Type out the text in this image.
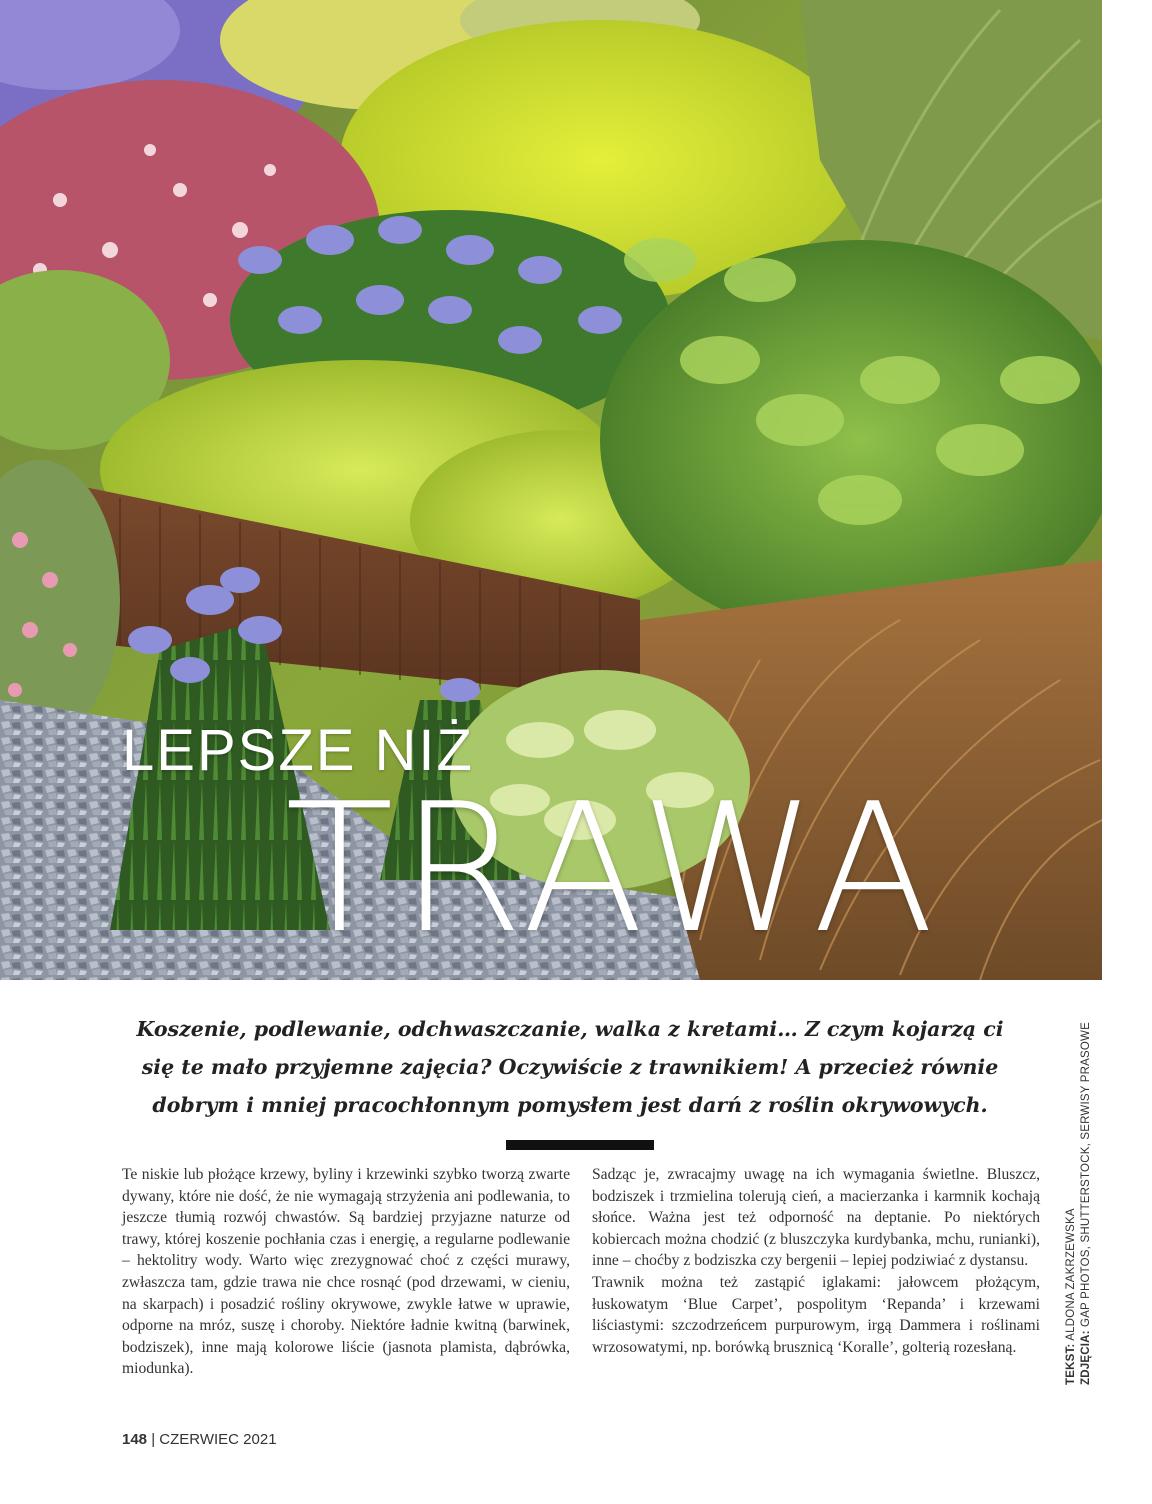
LEPSZE NIŻ
TRAWA
Koszenie, podlewanie, odchwaszczanie, walka z kretami… Z czym kojarzą ci się te mało przyjemne zajęcia? Oczywiście z trawnikiem! A przecież równie dobrym i mniej pracochłonnym pomysłem jest darń z roślin okrywowych.

Te niskie lub płożące krzewy, byliny i krzewinki szybko tworzą zwarte dywany, które nie dość, że nie wymagają strzyżenia ani podlewania, to jeszcze tłumią rozwój chwastów. Są bardziej przyjazne naturze od trawy, której koszenie pochłania czas i energię, a regularne podlewanie – hektolitry wody. Warto więc zrezygnować choć z części murawy, zwłaszcza tam, gdzie trawa nie chce rosnąć (pod drzewami, w cieniu, na skarpach) i posadzić rośliny okrywowe, zwykle łatwe w uprawie, odporne na mróz, suszę i choroby. Niektóre ładnie kwitną (barwinek, bodziszek), inne mają kolorowe liście (jasnota plamista, dąbrówka, miodunka).

Sadząc je, zwracajmy uwagę na ich wymagania świetlne. Bluszcz, bodziszek i trzmielina tolerują cień, a macierzanka i karmnik kochają słońce. Ważna jest też odporność na deptanie. Po niektórych kobiercach można chodzić (z bluszczyka kurdybanka, mchu, runianki), inne – choćby z bodziszka czy bergenii – lepiej podziwiać z dystansu.

Trawnik można też zastąpić iglakami: jałowcem płożącym, łuskowatym ‘Blue Carpet’, pospolitym ‘Repanda’ i krzewami liściastymi: szczodrzeńcem purpurowym, irgą Dammera i roślinami wrzosowatymi, np. borówką brusznicą ‘Koralle’, golterią rozesłaną.	TEKST: ALDONA ZAKRZEWSKA
ZDJĘCIA: GAP PHOTOS, SHUTTERSTOCK, SERWISY PRASOWE
148 | CZERWIEC 2021
